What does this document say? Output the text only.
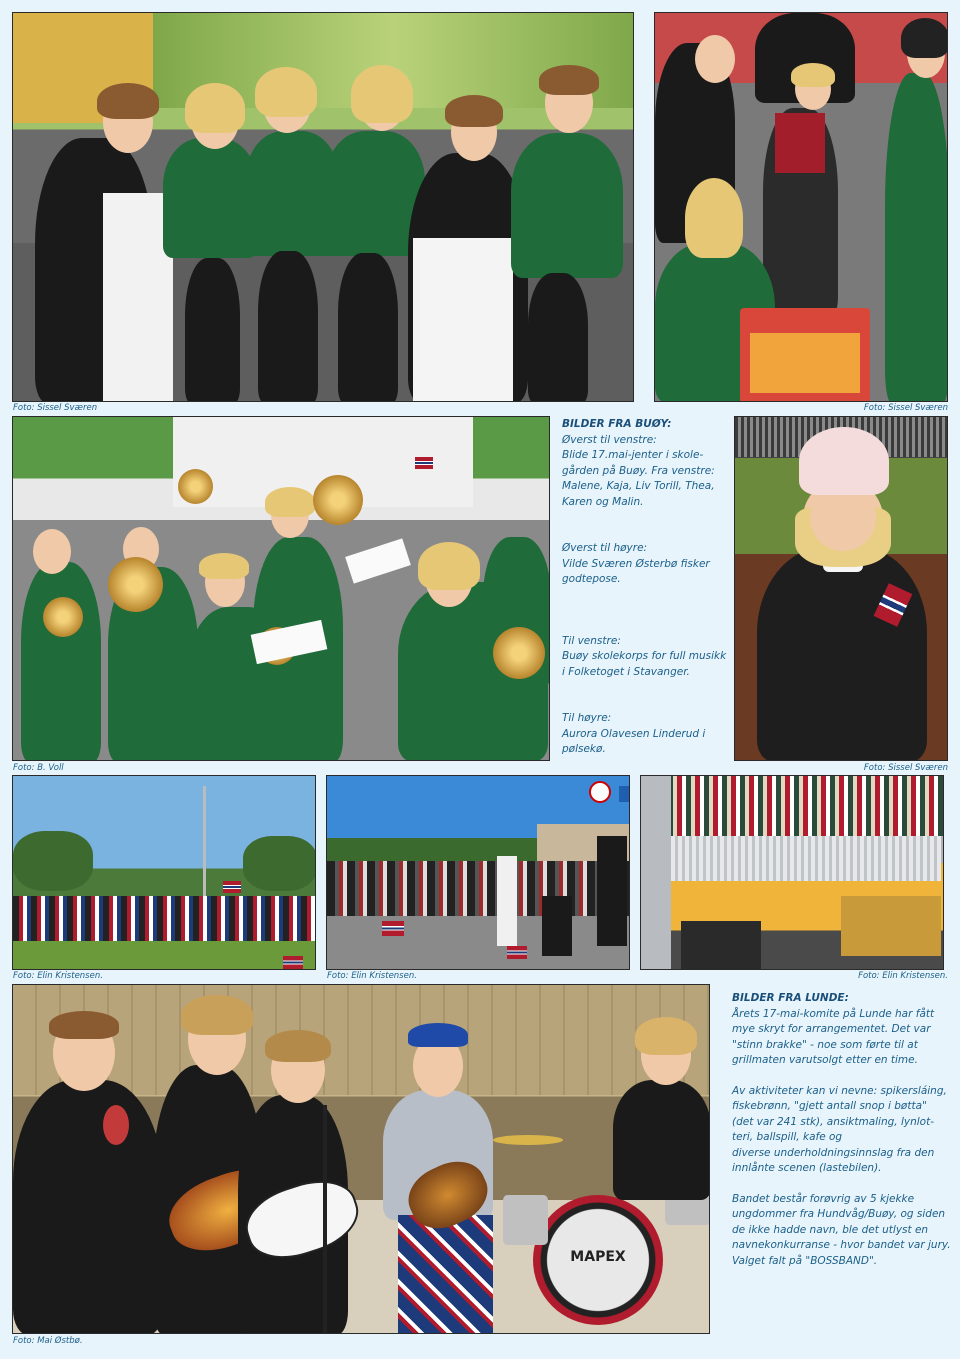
Foto: Sissel Sværen	Foto: Sissel Sværen
Foto: B. Voll

BILDER FRA BUØY:

Øverst til venstre:

Blide 17.mai-jenter i skole-

gården på Buøy. Fra venstre:

Malene, Kaja, Liv Torill, Thea,

Karen og Malin.

Øverst til høyre:

Vilde Sværen Østerbø fisker

godtepose.

Til venstre:

Buøy skolekorps for full musikk

i Folketoget i Stavanger.

Til høyre:

Aurora Olavesen Linderud i

pølsekø.

Foto: Sissel Sværen
Foto: Elin Kristensen.	Foto: Elin Kristensen.	Foto: Elin Kristensen.
MAPEX
Foto: Mai Østbø.

BILDER FRA LUNDE:

Årets 17-mai-komite på Lunde har fått

mye skryt for arrangementet. Det var

"stinn brakke" - noe som førte til at

grillmaten varutsolgt etter en time.

Av aktiviteter kan vi nevne: spikersláing,

fiskebrønn, "gjett antall snop i bøtta"

(det var 241 stk), ansiktmaling, lynlot-

teri, ballspill, kafe og

diverse underholdningsinnslag fra den

innlånte scenen (lastebilen).

Bandet består forøvrig av 5 kjekke

ungdommer fra Hundvåg/Buøy, og siden

de ikke hadde navn, ble det utlyst en

navnekonkurranse - hvor bandet var jury.

Valget falt på "BOSSBAND".
